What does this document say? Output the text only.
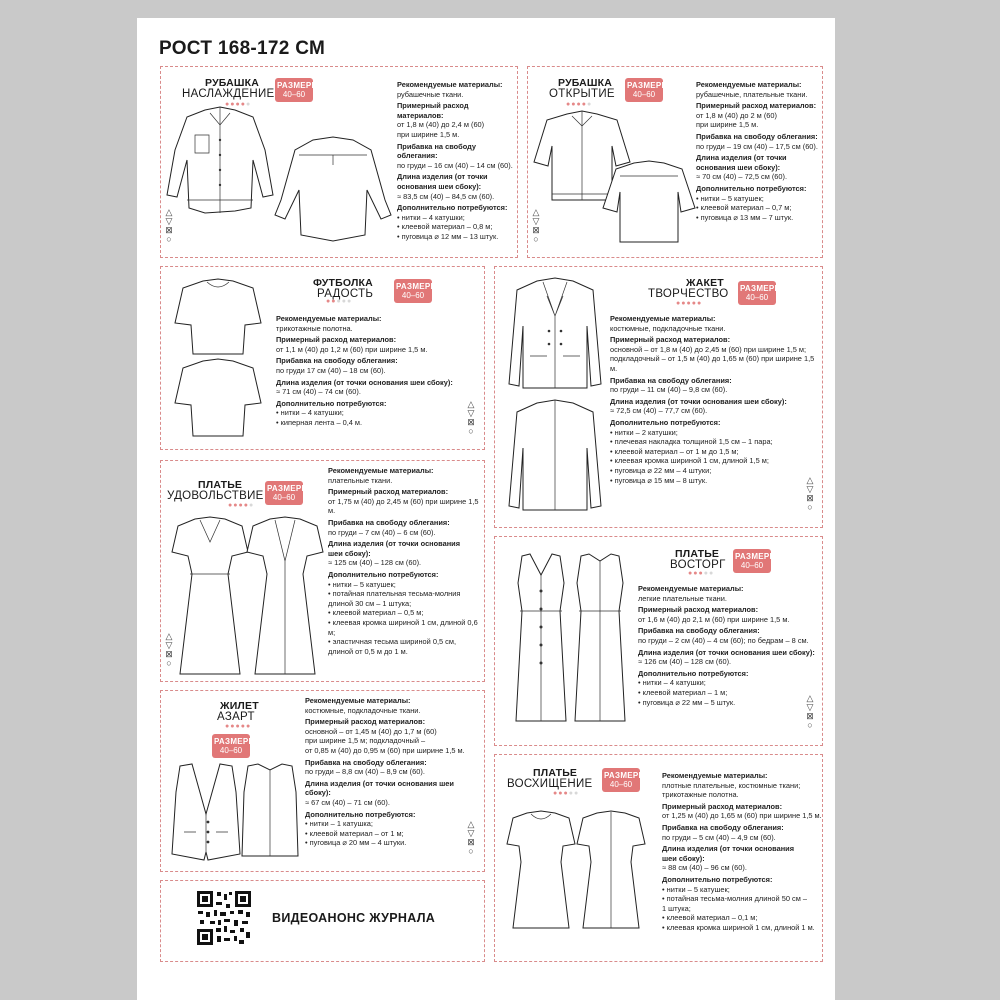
РОСТ 168-172 СМ
РУБАШКА
НАСЛАЖДЕНИЕ
●●●●●
РАЗМЕРЫ
40–60
Рекомендуемые материалы:
рубашечные ткани.
Примерный расход материалов:
от 1,8 м (40) до 2,4 м (60)
при ширине 1,5 м.
Прибавка на свободу облегания:
по груди – 16 см (40) – 14 см (60).
Длина изделия (от точки
основания шеи сбоку):
≈ 83,5 см (40) – 84,5 см (60).
Дополнительно потребуются:
• нитки – 4 катушки;
• клеевой материал – 0,8 м;
• пуговица ⌀ 12 мм – 13 штук.
△
▽
⊠
○
РУБАШКА
ОТКРЫТИЕ
●●●●●
РАЗМЕРЫ
40–60
Рекомендуемые материалы:
рубашечные, плательные ткани.
Примерный расход материалов:
от 1,8 м (40) до 2 м (60)
при ширине 1,5 м.
Прибавка на свободу облегания:
по груди – 19 см (40) – 17,5 см (60).
Длина изделия (от точки
основания шеи сбоку):
≈ 70 см (40) – 72,5 см (60).
Дополнительно потребуются:
• нитки – 5 катушек;
• клеевой материал – 0,7 м;
• пуговица ⌀ 13 мм – 7 штук.
△
▽
⊠
○
ФУТБОЛКА
РАДОСТЬ
●●●●●
РАЗМЕРЫ
40–60
Рекомендуемые материалы:
трикотажные полотна.
Примерный расход материалов:
от 1,1 м (40) до 1,2 м (60) при ширине 1,5 м.
Прибавка на свободу облегания:
по груди 17 см (40) – 18 см (60).
Длина изделия (от точки основания шеи сбоку):
≈ 71 см (40) – 74 см (60).
Дополнительно потребуются:
• нитки – 4 катушки;
• киперная лента – 0,4 м.
△
▽
⊠
○
ЖАКЕТ
ТВОРЧЕСТВО
●●●●●
РАЗМЕРЫ
40–60
Рекомендуемые материалы:
костюмные, подкладочные ткани.
Примерный расход материалов:
основной – от 1,8 м (40) до 2,45 м (60) при ширине 1,5 м;
подкладочный – от 1,5 м (40) до 1,65 м (60) при ширине 1,5 м.
Прибавка на свободу облегания:
по груди – 11 см (40) – 9,8 см (60).
Длина изделия (от точки основания шеи сбоку):
≈ 72,5 см (40) – 77,7 см (60).
Дополнительно потребуются:
• нитки – 2 катушки;
• плечевая накладка толщиной 1,5 см – 1 пара;
• клеевой материал – от 1 м до 1,5 м;
• клеевая кромка шириной 1 см, длиной 1,5 м;
• пуговица ⌀ 22 мм – 4 штуки;
• пуговица ⌀ 15 мм – 8 штук.	△
▽
⊠
○
ПЛАТЬЕ
УДОВОЛЬСТВИЕ
●●●●●
РАЗМЕРЫ
40–60
Рекомендуемые материалы:
плательные ткани.
Примерный расход материалов:
от 1,75 м (40) до 2,45 м (60) при ширине 1,5 м.
Прибавка на свободу облегания:
по груди – 7 см (40) – 6 см (60).
Длина изделия (от точки основания
шеи сбоку):
≈ 125 см (40) – 128 см (60).
Дополнительно потребуются:
• нитки – 5 катушек;
• потайная плательная тесьма-молния
длиной 30 см – 1 штука;
• клеевой материал – 0,5 м;
• клеевая кромка шириной 1 см, длиной 0,6 м;
• эластичная тесьма шириной 0,5 см,
длиной от 0,5 м до 1 м.
△
▽
⊠
○
ПЛАТЬЕ
ВОСТОРГ
●●●●●
РАЗМЕРЫ
40–60
Рекомендуемые материалы:
легкие плательные ткани.
Примерный расход материалов:
от 1,6 м (40) до 2,1 м (60) при ширине 1,5 м.
Прибавка на свободу облегания:
по груди – 2 см (40) – 4 см (60); по бедрам – 8 см.
Длина изделия (от точки основания шеи сбоку):
≈ 126 см (40) – 128 см (60).
Дополнительно потребуются:
• нитки – 4 катушки;
• клеевой материал – 1 м;
• пуговица ⌀ 22 мм – 5 штук.	△
▽
⊠
○
ЖИЛЕТ
АЗАРТ
●●●●●
РАЗМЕРЫ
40–60
Рекомендуемые материалы:
костюмные, подкладочные ткани.
Примерный расход материалов:
основной – от 1,45 м (40) до 1,7 м (60)
при ширине 1,5 м; подкладочный –
от 0,85 м (40) до 0,95 м (60) при ширине 1,5 м.
Прибавка на свободу облегания:
по груди – 8,8 см (40) – 8,9 см (60).
Длина изделия (от точки основания шеи сбоку):
≈ 67 см (40) – 71 см (60).
Дополнительно потребуются:
• нитки – 1 катушка;
• клеевой материал – от 1 м;
• пуговица ⌀ 20 мм – 4 штуки.
△
▽
⊠
○
ПЛАТЬЕ
ВОСХИЩЕНИЕ
●●●●●
РАЗМЕРЫ
40–60
Рекомендуемые материалы:
плотные плательные, костюмные ткани;
трикотажные полотна.
Примерный расход материалов:
от 1,25 м (40) до 1,65 м (60) при ширине 1,5 м.
Прибавка на свободу облегания:
по груди – 5 см (40) – 4,9 см (60).
Длина изделия (от точки основания
шеи сбоку):
≈ 88 см (40) – 96 см (60).
Дополнительно потребуются:
• нитки – 5 катушек;
• потайная тесьма-молния длиной 50 см –
1 штука;
• клеевой материал – 0,1 м;
• клеевая кромка шириной 1 см, длиной 1 м.
ВИДЕОАНОНС ЖУРНАЛА
